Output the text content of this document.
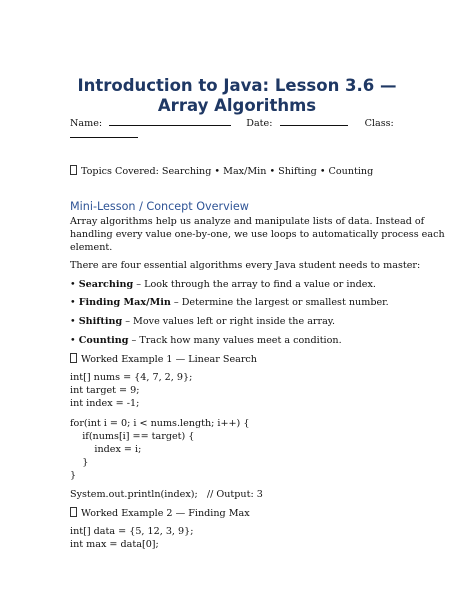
Introduction to Java: Lesson 3.6 —
Array Algorithms
Name:	Date:	Class:
Topics Covered: Searching • Max/Min • Shifting • Counting
Mini-Lesson / Concept Overview
Array algorithms help us analyze and manipulate lists of data. Instead of
handling every value one-by-one, we use loops to automatically process each
element.
There are four essential algorithms every Java student needs to master:
• Searching – Look through the array to find a value or index.
• Finding Max/Min – Determine the largest or smallest number.
• Shifting – Move values left or right inside the array.
• Counting – Track how many values meet a condition.
Worked Example 1 — Linear Search
int[] nums = {4, 7, 2, 9};
int target = 9;
int index = -1;
for(int i = 0; i < nums.length; i++) {
if(nums[i] == target) {
index = i;
}
}
System.out.println(index);   // Output: 3
Worked Example 2 — Finding Max
int[] data = {5, 12, 3, 9};
int max = data[0];
